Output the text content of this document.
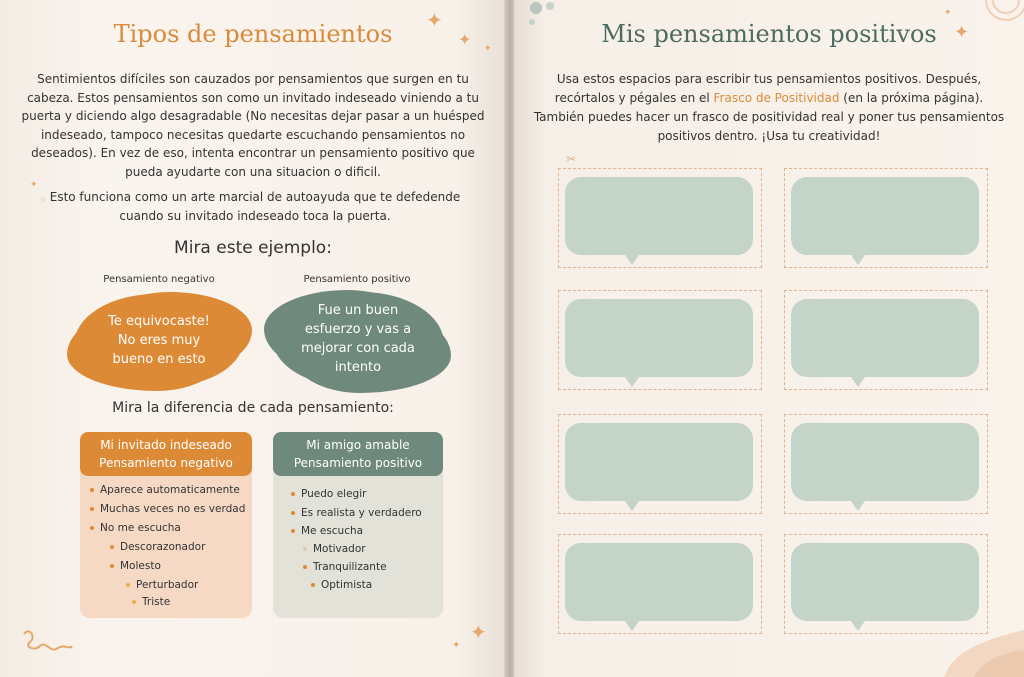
Tipos de pensamientos	✦
✦ ✦
Sentimientos difíciles son cauzados por pensamientos que surgen en tu cabeza. Estos pensamientos son como un invitado indeseado viniendo a tu puerta y diciendo algo desagradable (No necesitas dejar pasar a un huésped indeseado, tampoco necesitas quedarte escuchando pensamientos no deseados). En vez de eso, intenta encontrar un pensamiento positivo que pueda ayudarte con una situacion o dificil.
✦
☆ Esto funciona como un arte marcial de autoayuda que te defedende cuando su invitado indeseado toca la puerta.
Mira este ejemplo:
Pensamiento negativo	Pensamiento positivo
Te equivocaste! No eres muy bueno en esto
Fue un buen esfuerzo y vas a mejorar con cada intento
Mira la diferencia de cada pensamiento:
Mi invitado indeseado
Pensamiento negativo
Aparece automaticamente
Muchas veces no es verdad
No me escucha
Descorazonador
Molesto
Perturbador
Triste
Mi amigo amable
Pensamiento positivo
Puedo elegir
Es realista y verdadero
Me escucha
Motivador
Tranquilizante
Optimista
✦
✦
Mis pensamientos positivos ✦
✦
Usa estos espacios para escribir tus pensamientos positivos. Después, recórtalos y pégales en el Frasco de Positividad (en la próxima página). También puedes hacer un frasco de positividad real y poner tus pensamientos positivos dentro. ¡Usa tu creatividad!
✂
